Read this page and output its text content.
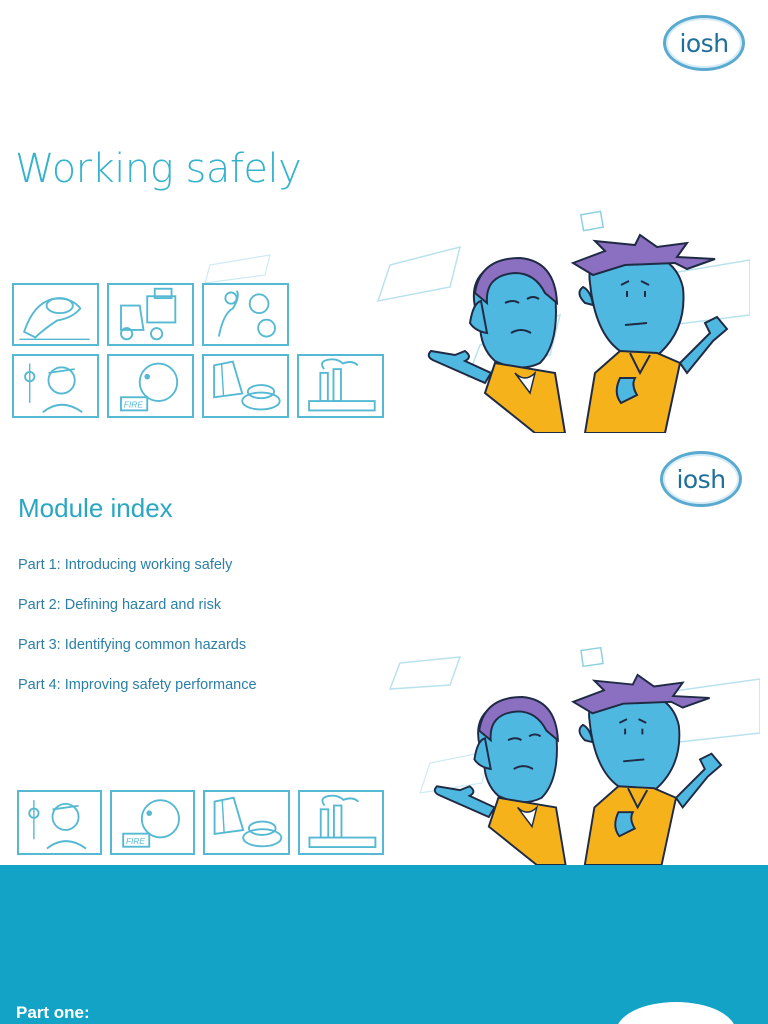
iosh
Working safely
FIRE
iosh
Module index
Part 1: Introducing working safely
Part 2: Defining hazard and risk
Part 3: Identifying common hazards
Part 4: Improving safety performance
FIRE
Part one:
